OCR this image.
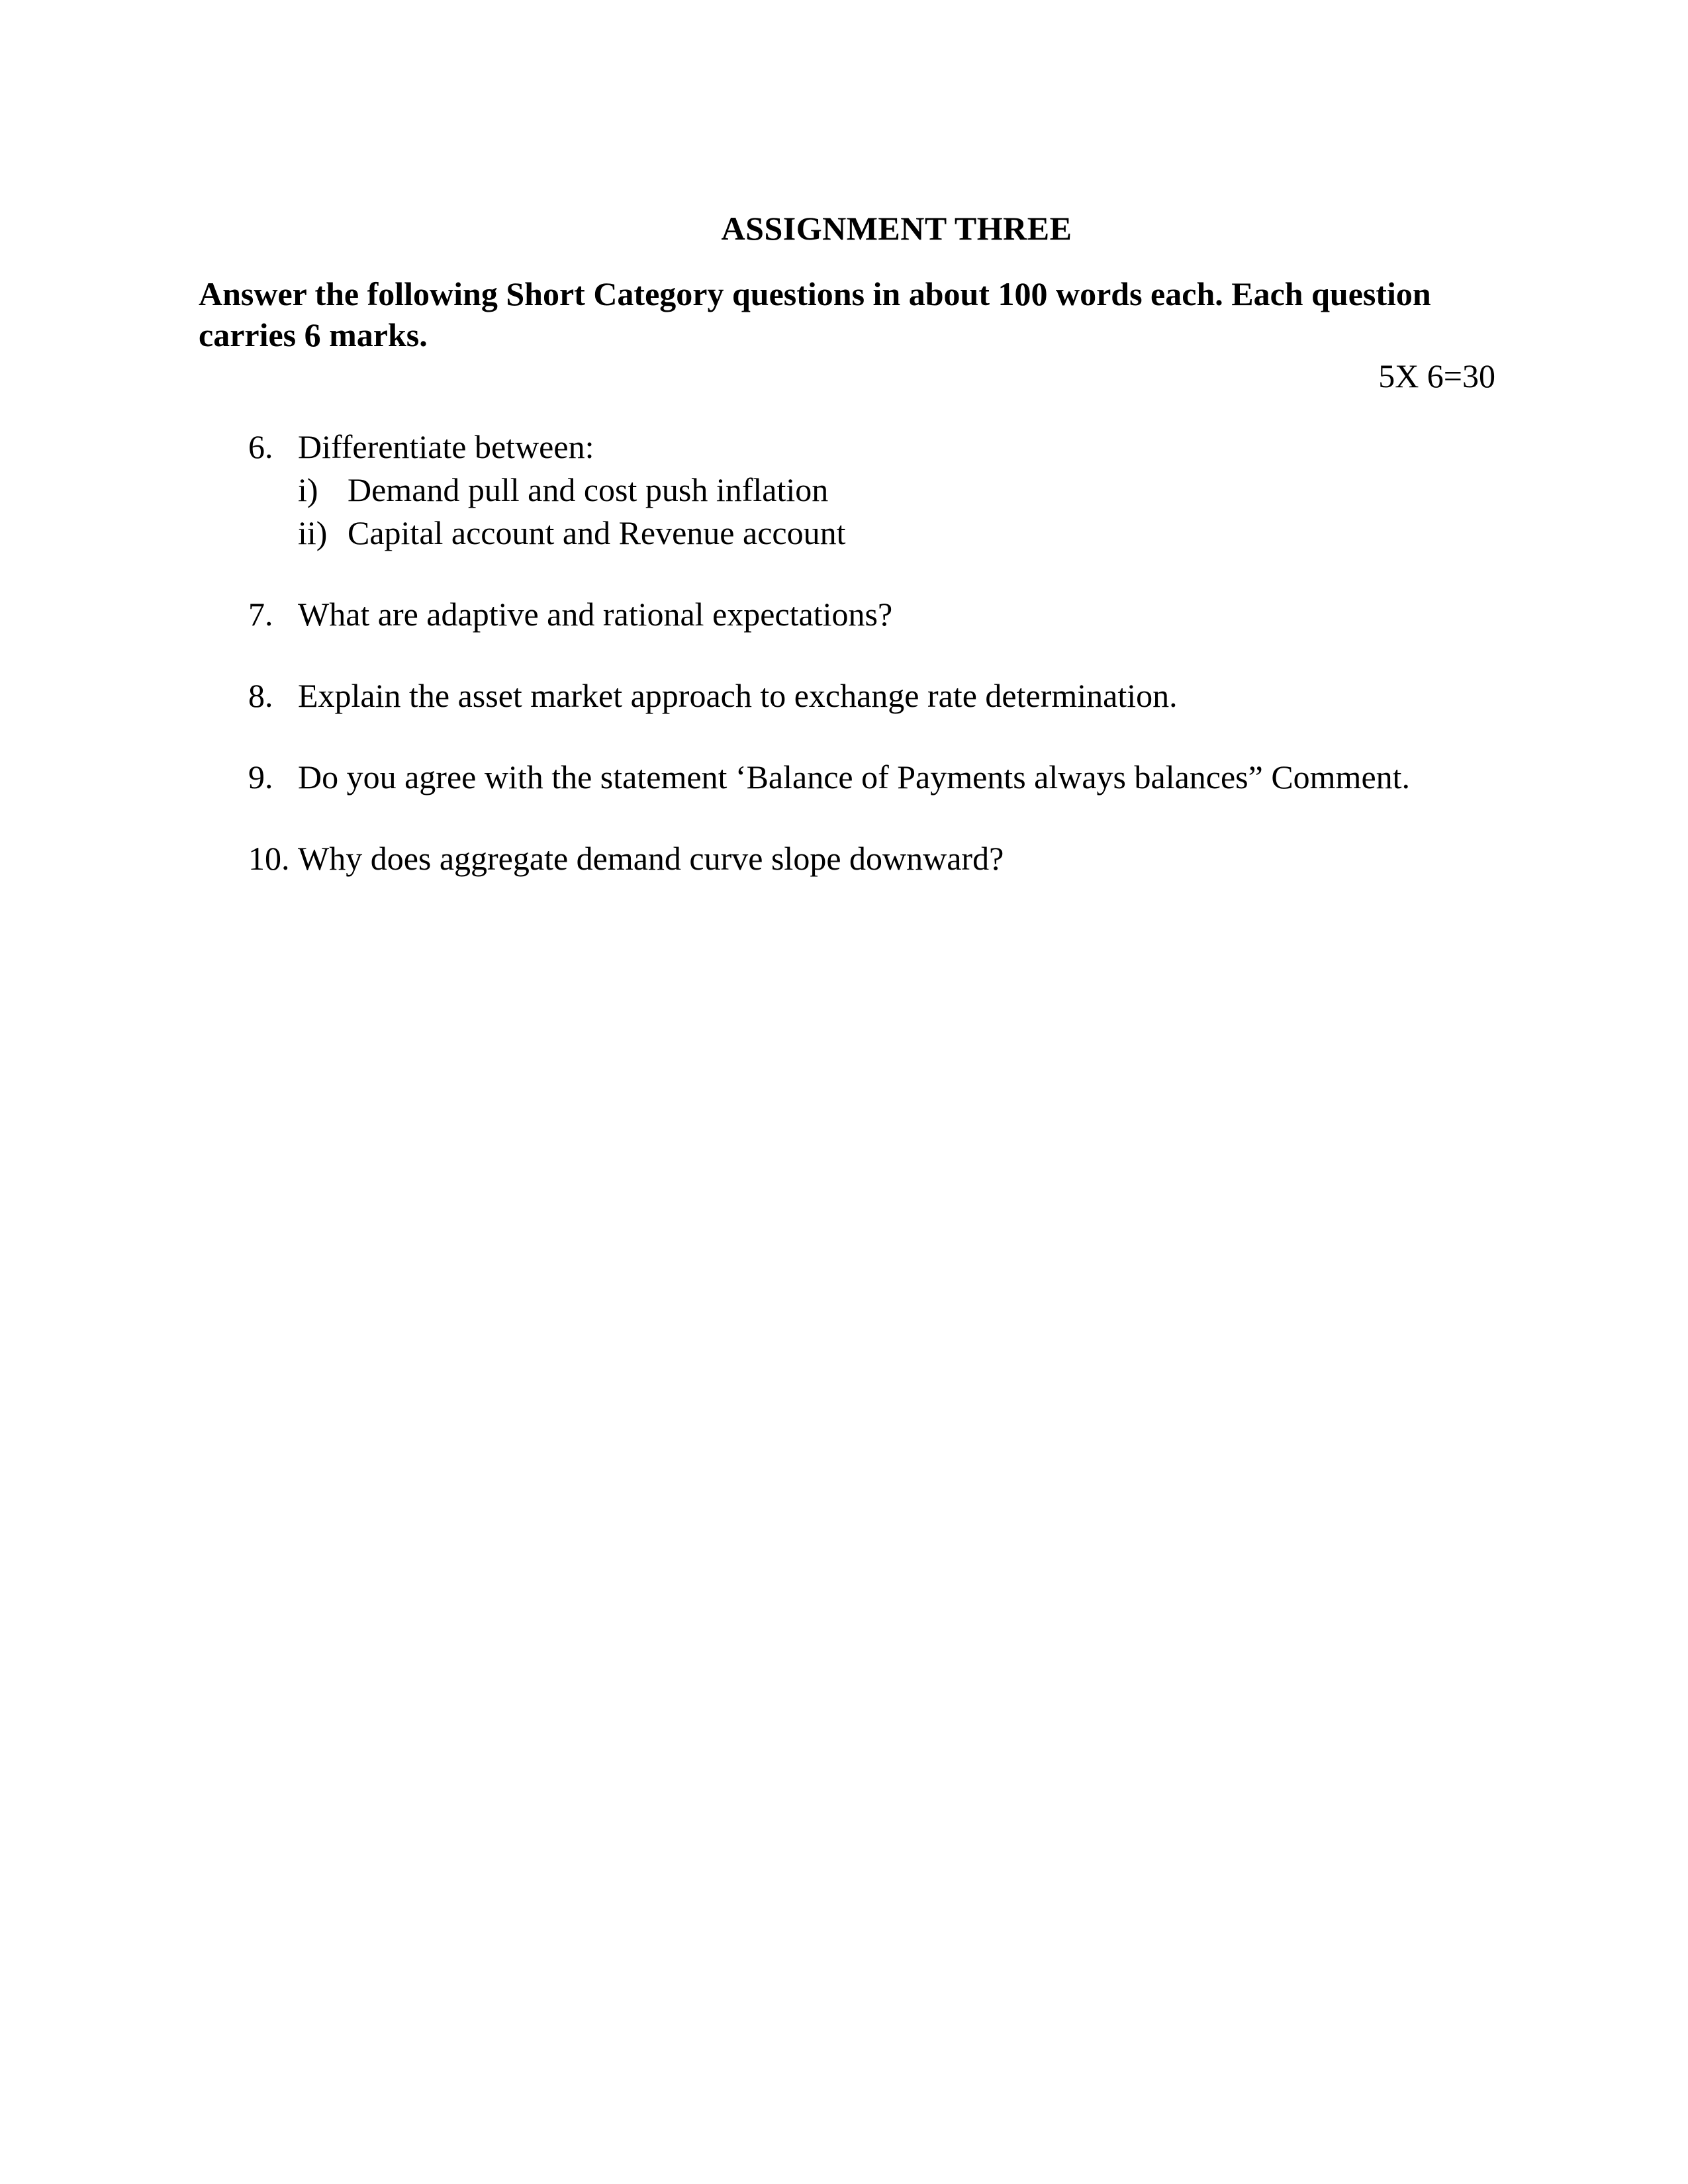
ASSIGNMENT THREE
Answer the following Short Category questions in about 100 words each. Each question carries 6 marks.
5X 6=30
6. Differentiate between:
i) Demand pull and cost push inflation
ii) Capital account and Revenue account
7. What are adaptive and rational expectations?
8. Explain the asset market approach to exchange rate determination.
9. Do you agree with the statement ‘Balance of Payments always balances” Comment.
10. Why does aggregate demand curve slope downward?
